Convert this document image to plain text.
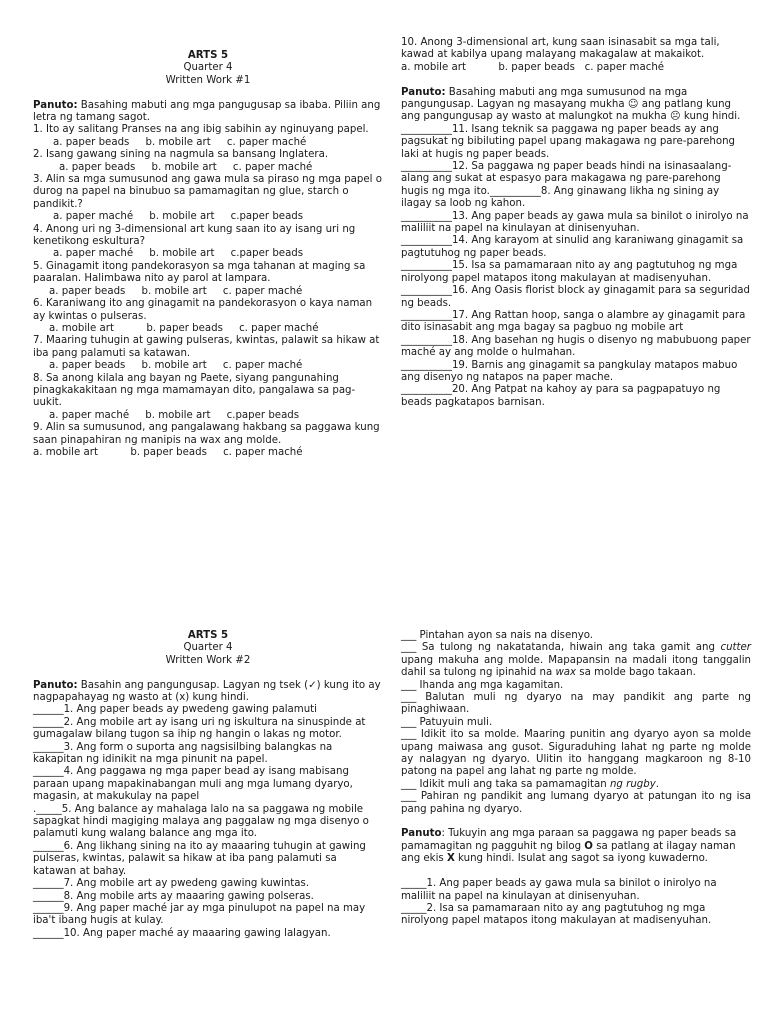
ARTS 5

Quarter 4

Written Work #1

Panuto: Basahing mabuti ang mga pangugusap sa ibaba. Piliin ang letra ng tamang sagot.

1. Ito ay salitang Pranses na ang ibig sabihin ay nginuyang papel.

a. paper beads     b. mobile art     c. paper maché

2. Isang gawang sining na nagmula sa bansang Inglatera.

a. paper beads     b. mobile art     c. paper maché

3. Alin sa mga sumusunod ang gawa mula sa piraso ng mga papel o durog na papel na binubuo sa pamamagitan ng glue, starch o pandikit.?

a. paper maché     b. mobile art     c.paper beads

4. Anong uri ng 3-dimensional art kung saan ito ay isang uri ng kenetikong eskultura?

a. paper maché     b. mobile art     c.paper beads

5. Ginagamit itong pandekorasyon sa mga tahanan at maging sa paaralan. Halimbawa nito ay parol at lampara.

a. paper beads     b. mobile art     c. paper maché

6. Karaniwang ito ang ginagamit na pandekorasyon o kaya naman ay kwintas o pulseras.

a. mobile art          b. paper beads     c. paper maché

7. Maaring tuhugin at gawing pulseras, kwintas, palawit sa hikaw at iba pang palamuti sa katawan.

a. paper beads     b. mobile art     c. paper maché

8. Sa anong kilala ang bayan ng Paete, siyang pangunahing pinagkakakitaan ng mga mamamayan dito, pangalawa sa pag-uukit.

a. paper maché     b. mobile art     c.paper beads

9. Alin sa sumusunod, ang pangalawang hakbang sa paggawa kung saan pinapahiran ng manipis na wax ang molde.

a. mobile art          b. paper beads     c. paper maché

10. Anong 3-dimensional art, kung saan isinasabit sa mga tali, kawad at kabilya upang malayang makagalaw at makaikot.

a. mobile art          b. paper beads   c. paper maché

Panuto: Basahing mabuti ang mga sumusunod na mga pangungusap. Lagyan ng masayang mukha ☺ ang patlang kung ang pangungusap ay wasto at malungkot na mukha ☹ kung hindi.

__________11. Isang teknik sa paggawa ng paper beads ay ang pagsukat ng bibiluting papel upang makagawa ng pare-parehong laki at hugis ng paper beads.

__________12. Sa paggawa ng paper beads hindi na isinasaalang-alang ang sukat at espasyo para makagawa ng pare-parehong hugis ng mga ito.__________8. Ang ginawang likha ng sining ay ilagay sa loob ng kahon.

__________13. Ang paper beads ay gawa mula sa binilot o inirolyo na maliliit na papel na kinulayan at dinisenyuhan.

__________14. Ang karayom at sinulid ang karaniwang ginagamit sa pagtutuhog ng paper beads.

__________15. Isa sa pamamaraan nito ay ang pagtutuhog ng mga nirolyong papel matapos itong makulayan at madisenyuhan.

__________16. Ang Oasis florist block ay ginagamit para sa seguridad ng beads.

__________17. Ang Rattan hoop, sanga o alambre ay ginagamit para dito isinasabit ang mga bagay sa pagbuo ng mobile art

__________18. Ang basehan ng hugis o disenyo ng mabubuong paper maché ay ang molde o hulmahan.

__________19. Barnis ang ginagamit sa pangkulay matapos mabuo ang disenyo ng natapos na paper mache.

__________20. Ang Patpat na kahoy ay para sa pagpapatuyo ng beads pagkatapos barnisan.

ARTS 5

Quarter 4

Written Work #2

Panuto: Basahin ang pangungusap. Lagyan ng tsek (✓) kung ito ay nagpapahayag ng wasto at (x) kung hindi.

______1. Ang paper beads ay pwedeng gawing palamuti

______2. Ang mobile art ay isang uri ng iskultura na sinuspinde at gumagalaw bilang tugon sa ihip ng hangin o lakas ng motor.

______3. Ang form o suporta ang nagsisilbing balangkas na kakapitan ng idinikit na mga pinunit na papel.

______4. Ang paggawa ng mga paper bead ay isang mabisang paraan upang mapakinabangan muli ang mga lumang dyaryo, magasin, at makukulay na papel

._____5. Ang balance ay mahalaga lalo na sa paggawa ng mobile sapagkat hindi magiging malaya ang paggalaw ng mga disenyo o palamuti kung walang balance ang mga ito.

______6. Ang likhang sining na ito ay maaaring tuhugin at gawing pulseras, kwintas, palawit sa hikaw at iba pang palamuti sa katawan at bahay.

______7. Ang mobile art ay pwedeng gawing kuwintas.

______8. Ang mobile arts ay maaaring gawing polseras.

______9. Ang paper maché jar ay mga pinulupot na papel na may iba't ibang hugis at kulay.

______10. Ang paper maché ay maaaring gawing lalagyan.

___ Pintahan ayon sa nais na disenyo.

___ Sa tulong ng nakatatanda, hiwain ang taka gamit ang cutter upang makuha ang molde. Mapapansin na madali itong tanggalin dahil sa tulong ng ipinahid na wax sa molde bago takaan.

___ Ihanda ang mga kagamitan.

___ Balutan muli ng dyaryo na may pandikit ang parte ng pinaghiwaan.

___ Patuyuin muli.

___ Idikit ito sa molde. Maaring punitin ang dyaryo ayon sa molde upang maiwasa ang gusot. Siguraduhing lahat ng parte ng molde ay nalagyan ng dyaryo. Ulitin ito hanggang magkaroon ng 8-10 patong na papel ang lahat ng parte ng molde.

___ Idikit muli ang taka sa pamamagitan ng rugby.

___ Pahiran ng pandikit ang lumang dyaryo at patungan ito ng isa pang pahina ng dyaryo.

Panuto: Tukuyin ang mga paraan sa paggawa ng paper beads sa pamamagitan ng pagguhit ng bilog O sa patlang at ilagay naman ang ekis X kung hindi. Isulat ang sagot sa iyong kuwaderno.

_____1. Ang paper beads ay gawa mula sa binilot o inirolyo na maliliit na papel na kinulayan at dinisenyuhan.

_____2. Isa sa pamamaraan nito ay ang pagtutuhog ng mga nirolyong papel matapos itong makulayan at madisenyuhan.
